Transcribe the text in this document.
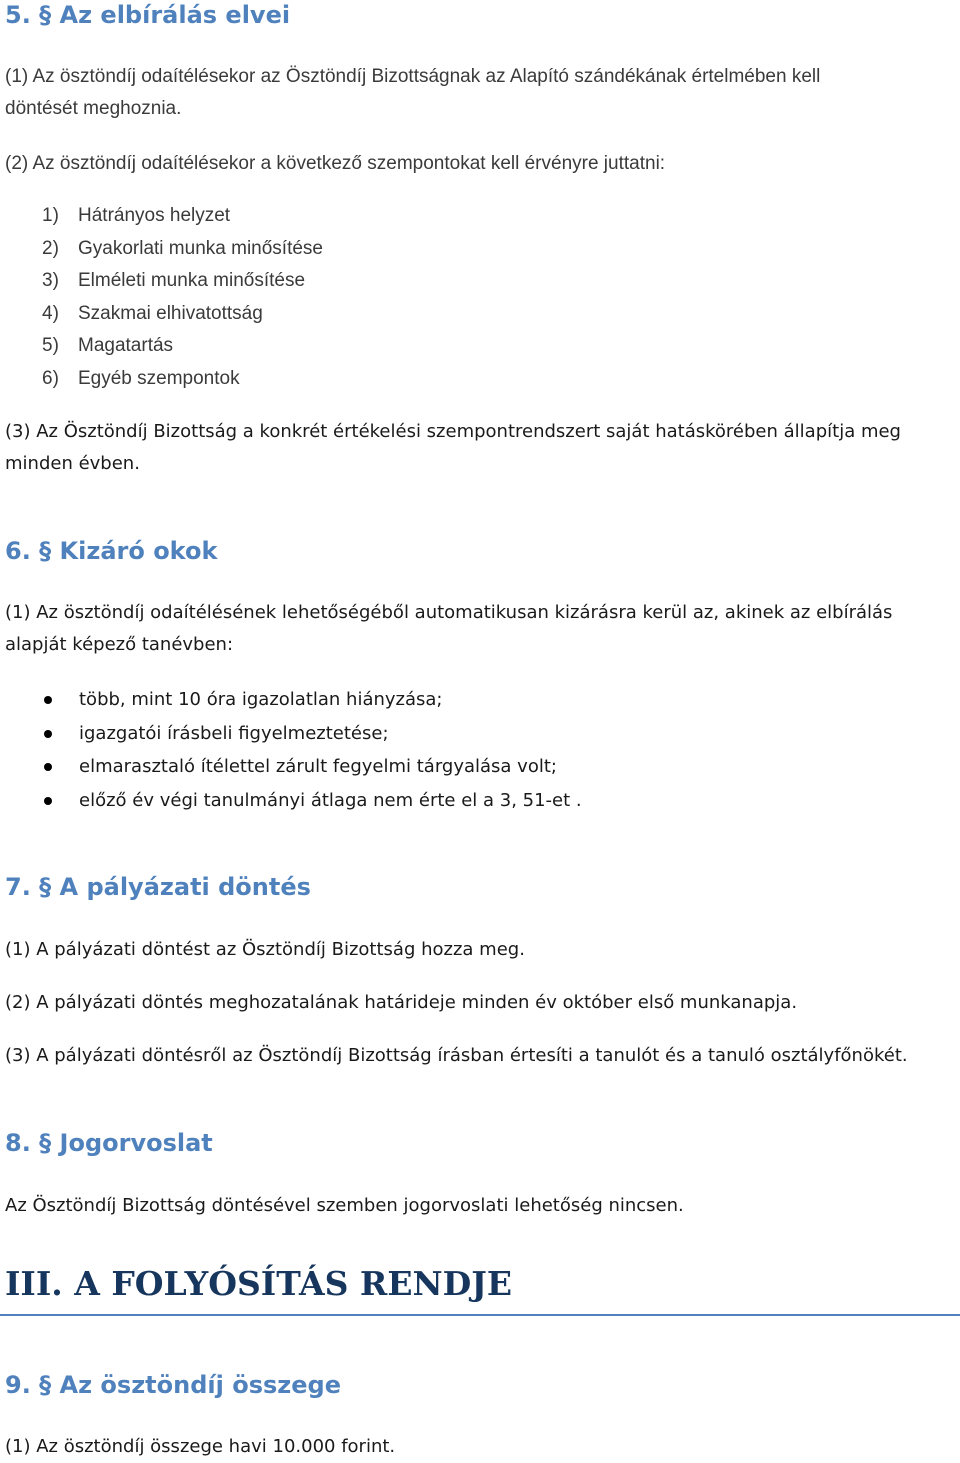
5. § Az elbírálás elvei

(1) Az ösztöndíj odaítélésekor az Ösztöndíj Bizottságnak az Alapító szándékának értelmében kell

döntését meghoznia.

(2) Az ösztöndíj odaítélésekor a következő szempontokat kell érvényre juttatni:

1) Hátrányos helyzet
2) Gyakorlati munka minősítése
3) Elméleti munka minősítése
4) Szakmai elhivatottság
5) Magatartás
6) Egyéb szempontok

(3) Az Ösztöndíj Bizottság a konkrét értékelési szempontrendszert saját hatáskörében állapítja meg

minden évben.

6. § Kizáró okok

(1) Az ösztöndíj odaítélésének lehetőségéből automatikusan kizárásra kerül az, akinek az elbírálás

alapját képező tanévben:

több, mint 10 óra igazolatlan hiányzása;
igazgatói írásbeli figyelmeztetése;
elmarasztaló ítélettel zárult fegyelmi tárgyalása volt;
előző év végi tanulmányi átlaga nem érte el a 3, 51-et .
7. § A pályázati döntés

(1) A pályázati döntést az Ösztöndíj Bizottság hozza meg.

(2) A pályázati döntés meghozatalának határideje minden év október első munkanapja.

(3) A pályázati döntésről az Ösztöndíj Bizottság írásban értesíti a tanulót és a tanuló osztályfőnökét.

8. § Jogorvoslat

Az Ösztöndíj Bizottság döntésével szemben jogorvoslati lehetőség nincsen.

III. A FOLYÓSÍTÁS RENDJE
9. § Az ösztöndíj összege

(1) Az ösztöndíj összege havi 10.000 forint.
